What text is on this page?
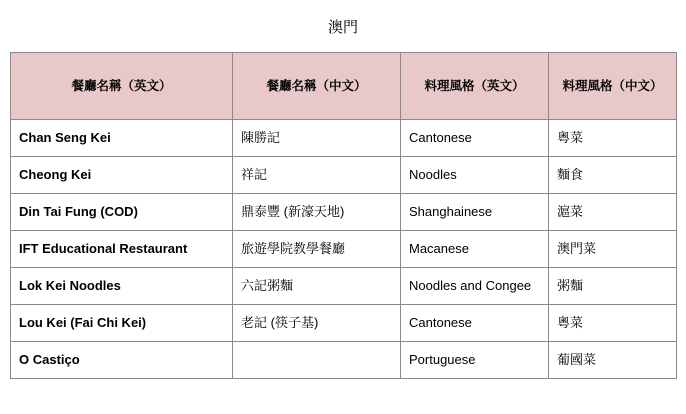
澳門
餐廳名稱（英文）	餐廳名稱（中文）	料理風格（英文）	料理風格（中文）
Chan Seng Kei	陳勝記	Cantonese	粵菜
Cheong Kei	祥記	Noodles	麵食
Din Tai Fung (COD)	鼎泰豐 (新濠天地)	Shanghainese	滬菜
IFT Educational Restaurant	旅遊學院教學餐廳	Macanese	澳門菜
Lok Kei Noodles	六記粥麵	Noodles and Congee	粥麵
Lou Kei (Fai Chi Kei)	老記 (筷子基)	Cantonese	粵菜
O Castiço		Portuguese	葡國菜
